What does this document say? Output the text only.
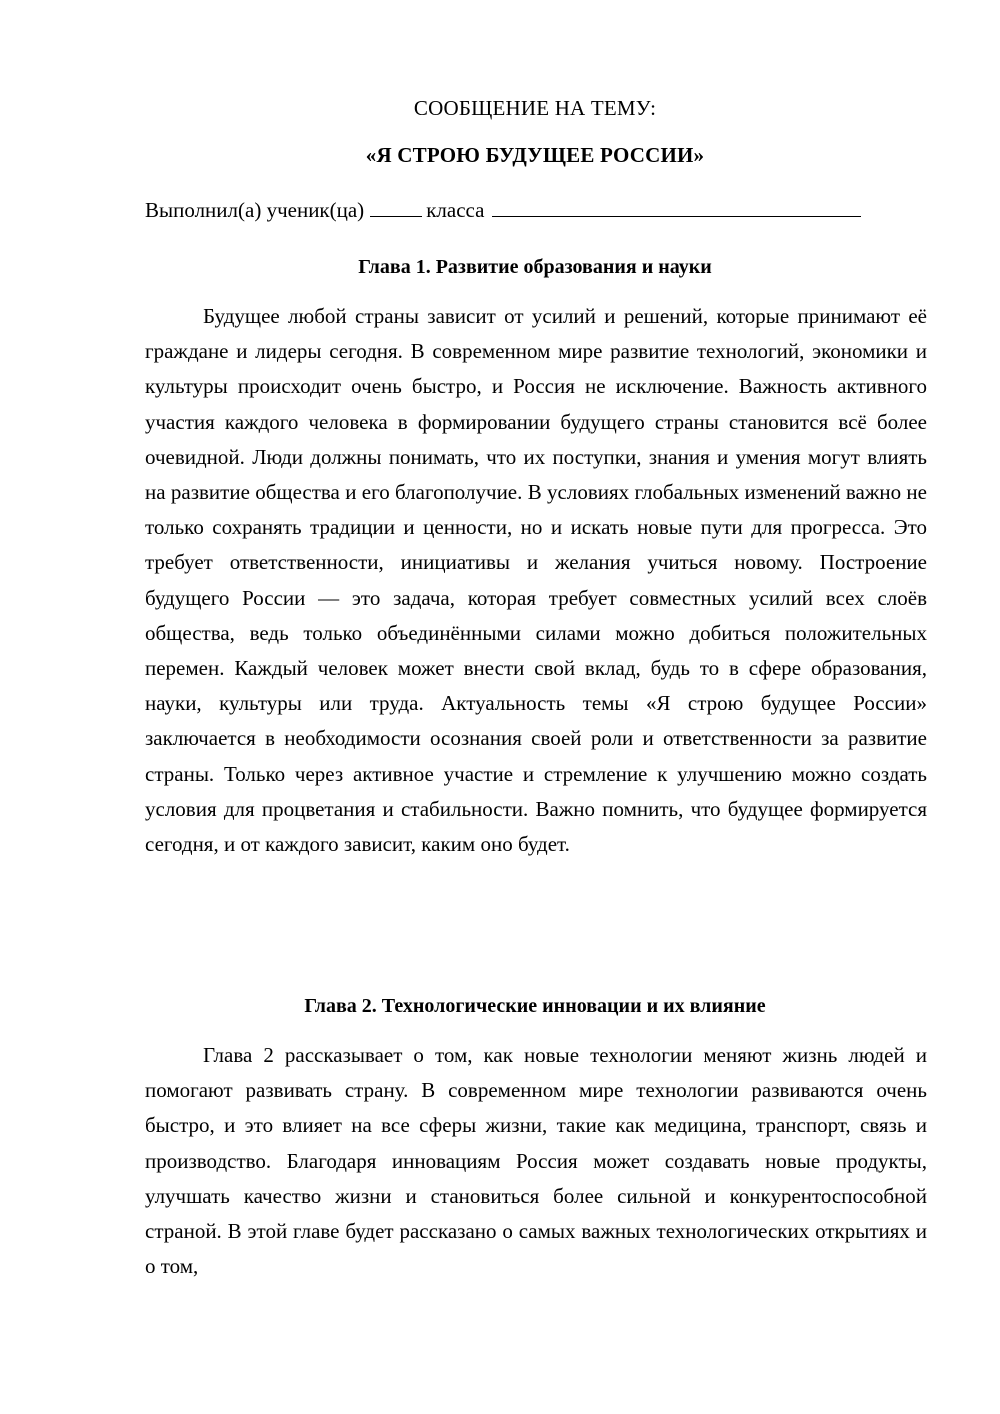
СООБЩЕНИЕ НА ТЕМУ:
«Я СТРОЮ БУДУЩЕЕ РОССИИ»
Выполнил(а) ученик(ца)	класса
Глава 1. Развитие образования и науки

Будущее любой страны зависит от усилий и решений, которые принимают её граждане и лидеры сегодня. В современном мире развитие технологий, экономики и культуры происходит очень быстро, и Россия не исключение. Важность активного участия каждого человека в формировании будущего страны становится всё более очевидной. Люди должны понимать, что их поступки, знания и умения могут влиять на развитие общества и его благополучие. В условиях глобальных изменений важно не только сохранять традиции и ценности, но и искать новые пути для прогресса. Это требует ответственности, инициативы и желания учиться новому. Построение будущего России — это задача, которая требует совместных усилий всех слоёв общества, ведь только объединёнными силами можно добиться положительных перемен. Каждый человек может внести свой вклад, будь то в сфере образования, науки, культуры или труда. Актуальность темы «Я строю будущее России» заключается в необходимости осознания своей роли и ответственности за развитие страны. Только через активное участие и стремление к улучшению можно создать условия для процветания и стабильности. Важно помнить, что будущее формируется сегодня, и от каждого зависит, каким оно будет.

Глава 2. Технологические инновации и их влияние

Глава 2 рассказывает о том, как новые технологии меняют жизнь людей и помогают развивать страну. В современном мире технологии развиваются очень быстро, и это влияет на все сферы жизни, такие как медицина, транспорт, связь и производство. Благодаря инновациям Россия может создавать новые продукты, улучшать качество жизни и становиться более сильной и конкурентоспособной страной. В этой главе будет рассказано о самых важных технологических открытиях и о том,
